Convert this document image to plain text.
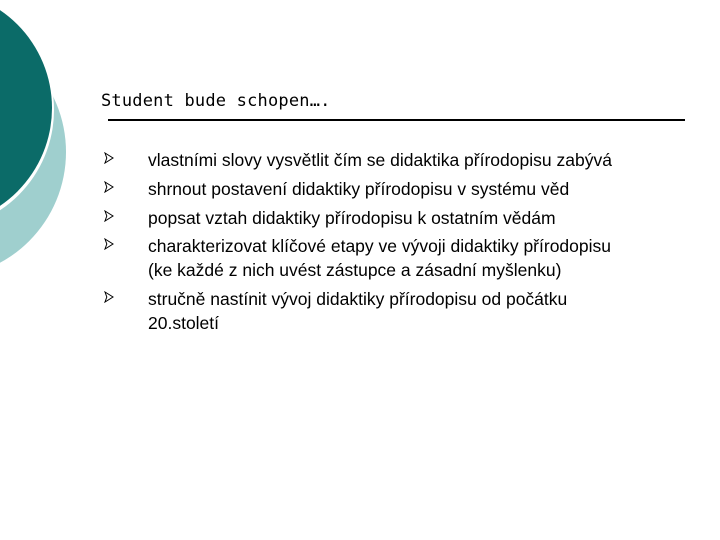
Student bude schopen….
vlastními slovy vysvětlit čím se didaktika přírodopisu zabývá
shrnout postavení didaktiky přírodopisu v systému věd
popsat vztah didaktiky přírodopisu k ostatním vědám
charakterizovat klíčové etapy ve vývoji didaktiky přírodopisu
(ke každé z nich uvést zástupce a zásadní myšlenku)
stručně nastínit vývoj didaktiky přírodopisu od počátku
20.století
